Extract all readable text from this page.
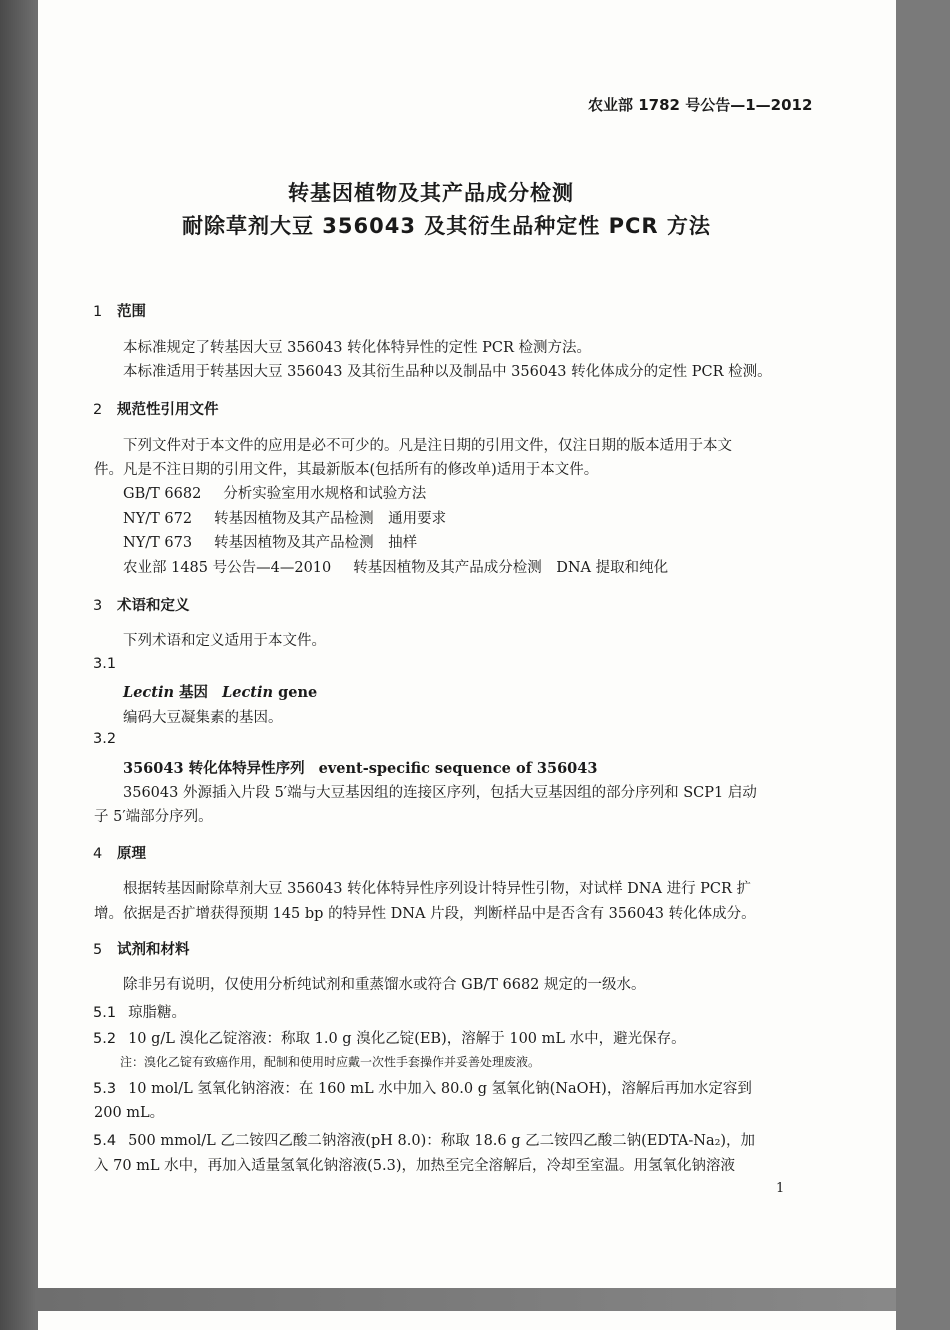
农业部 1782 号公告—1—2012
转基因植物及其产品成分检测
耐除草剂大豆 356043 及其衍生品种定性 PCR 方法
1 范围
本标准规定了转基因大豆 356043 转化体特异性的定性 PCR 检测方法。
本标准适用于转基因大豆 356043 及其衍生品种以及制品中 356043 转化体成分的定性 PCR 检测。
2 规范性引用文件
下列文件对于本文件的应用是必不可少的。凡是注日期的引用文件，仅注日期的版本适用于本文
件。凡是不注日期的引用文件，其最新版本(包括所有的修改单)适用于本文件。
GB/T 6682 分析实验室用水规格和试验方法
NY/T 672 转基因植物及其产品检测　通用要求
NY/T 673 转基因植物及其产品检测　抽样
农业部 1485 号公告—4—2010 转基因植物及其产品成分检测　DNA 提取和纯化
3 术语和定义
下列术语和定义适用于本文件。
3.1
Lectin 基因 Lectin gene
编码大豆凝集素的基因。
3.2
356043 转化体特异性序列 event-specific sequence of 356043
356043 外源插入片段 5′端与大豆基因组的连接区序列，包括大豆基因组的部分序列和 SCP1 启动
子 5′端部分序列。
4 原理
根据转基因耐除草剂大豆 356043 转化体特异性序列设计特异性引物，对试样 DNA 进行 PCR 扩
增。依据是否扩增获得预期 145 bp 的特异性 DNA 片段，判断样品中是否含有 356043 转化体成分。
5 试剂和材料
除非另有说明，仅使用分析纯试剂和重蒸馏水或符合 GB/T 6682 规定的一级水。
5.1 琼脂糖。
5.2 10 g/L 溴化乙锭溶液：称取 1.0 g 溴化乙锭(EB)，溶解于 100 mL 水中，避光保存。
注：溴化乙锭有致癌作用，配制和使用时应戴一次性手套操作并妥善处理废液。
5.3 10 mol/L 氢氧化钠溶液：在 160 mL 水中加入 80.0 g 氢氧化钠(NaOH)，溶解后再加水定容到
200 mL。
5.4 500 mmol/L 乙二铵四乙酸二钠溶液(pH 8.0)：称取 18.6 g 乙二铵四乙酸二钠(EDTA-Na₂)，加
入 70 mL 水中，再加入适量氢氧化钠溶液(5.3)，加热至完全溶解后，冷却至室温。用氢氧化钠溶液
1
